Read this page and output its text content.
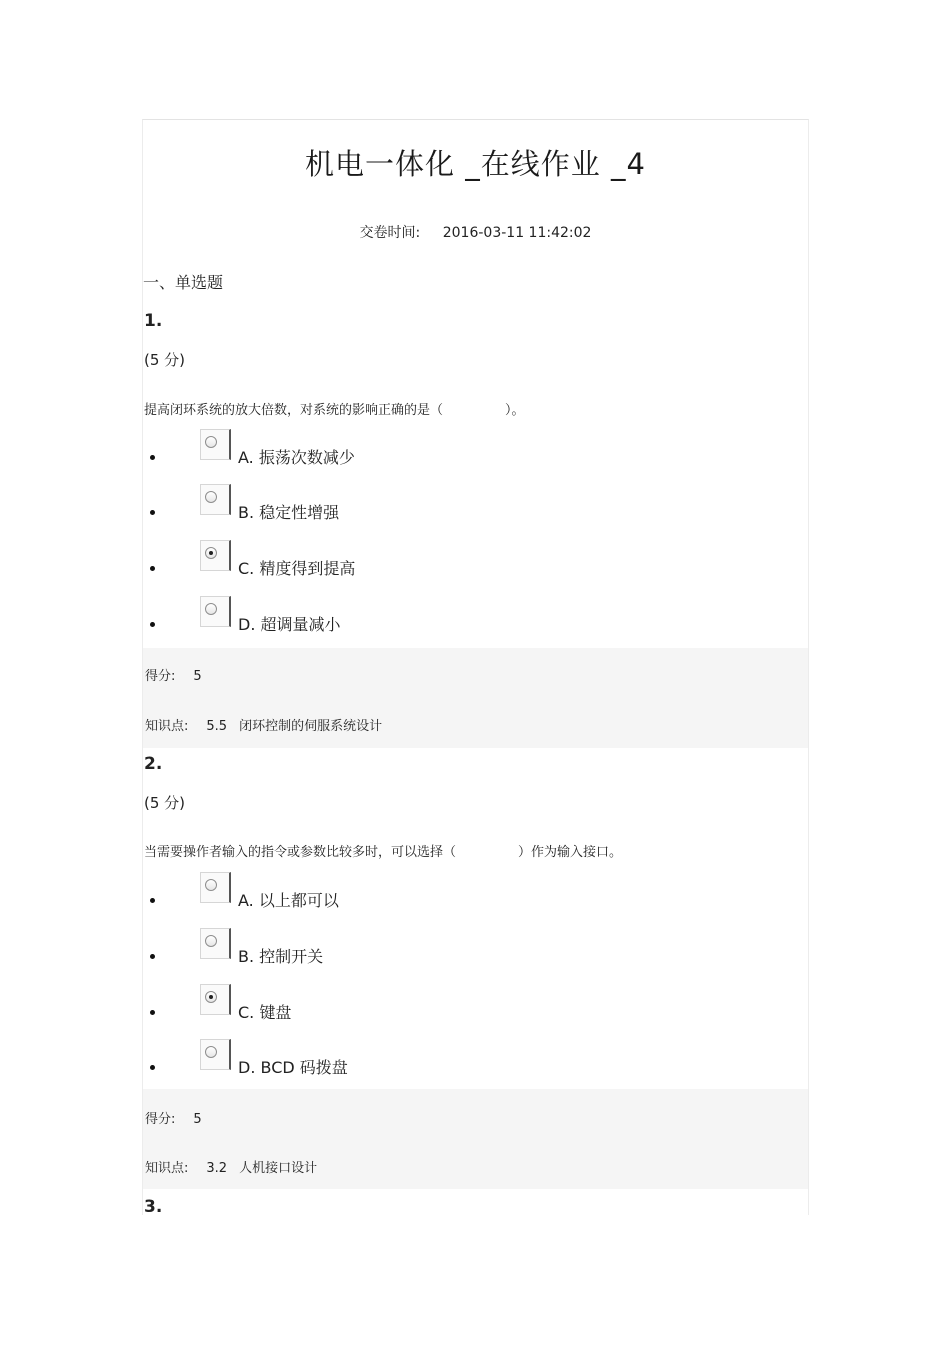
机电一体化 _在线作业 _4
交卷时间: 2016-03-11 11:42:02
一、单选题
1.
(5 分)
提高闭环系统的放大倍数，对系统的影响正确的是（	）。
A. 振荡次数减少
B. 稳定性增强
C. 精度得到提高
D. 超调量减小
得分: 5
知识点: 5.5 闭环控制的伺服系统设计
2.
(5 分)
当需要操作者输入的指令或参数比较多时，可以选择（	）作为输入接口。
A. 以上都可以
B. 控制开关
C. 键盘
D. BCD 码拨盘
得分: 5
知识点: 3.2 人机接口设计
3.
